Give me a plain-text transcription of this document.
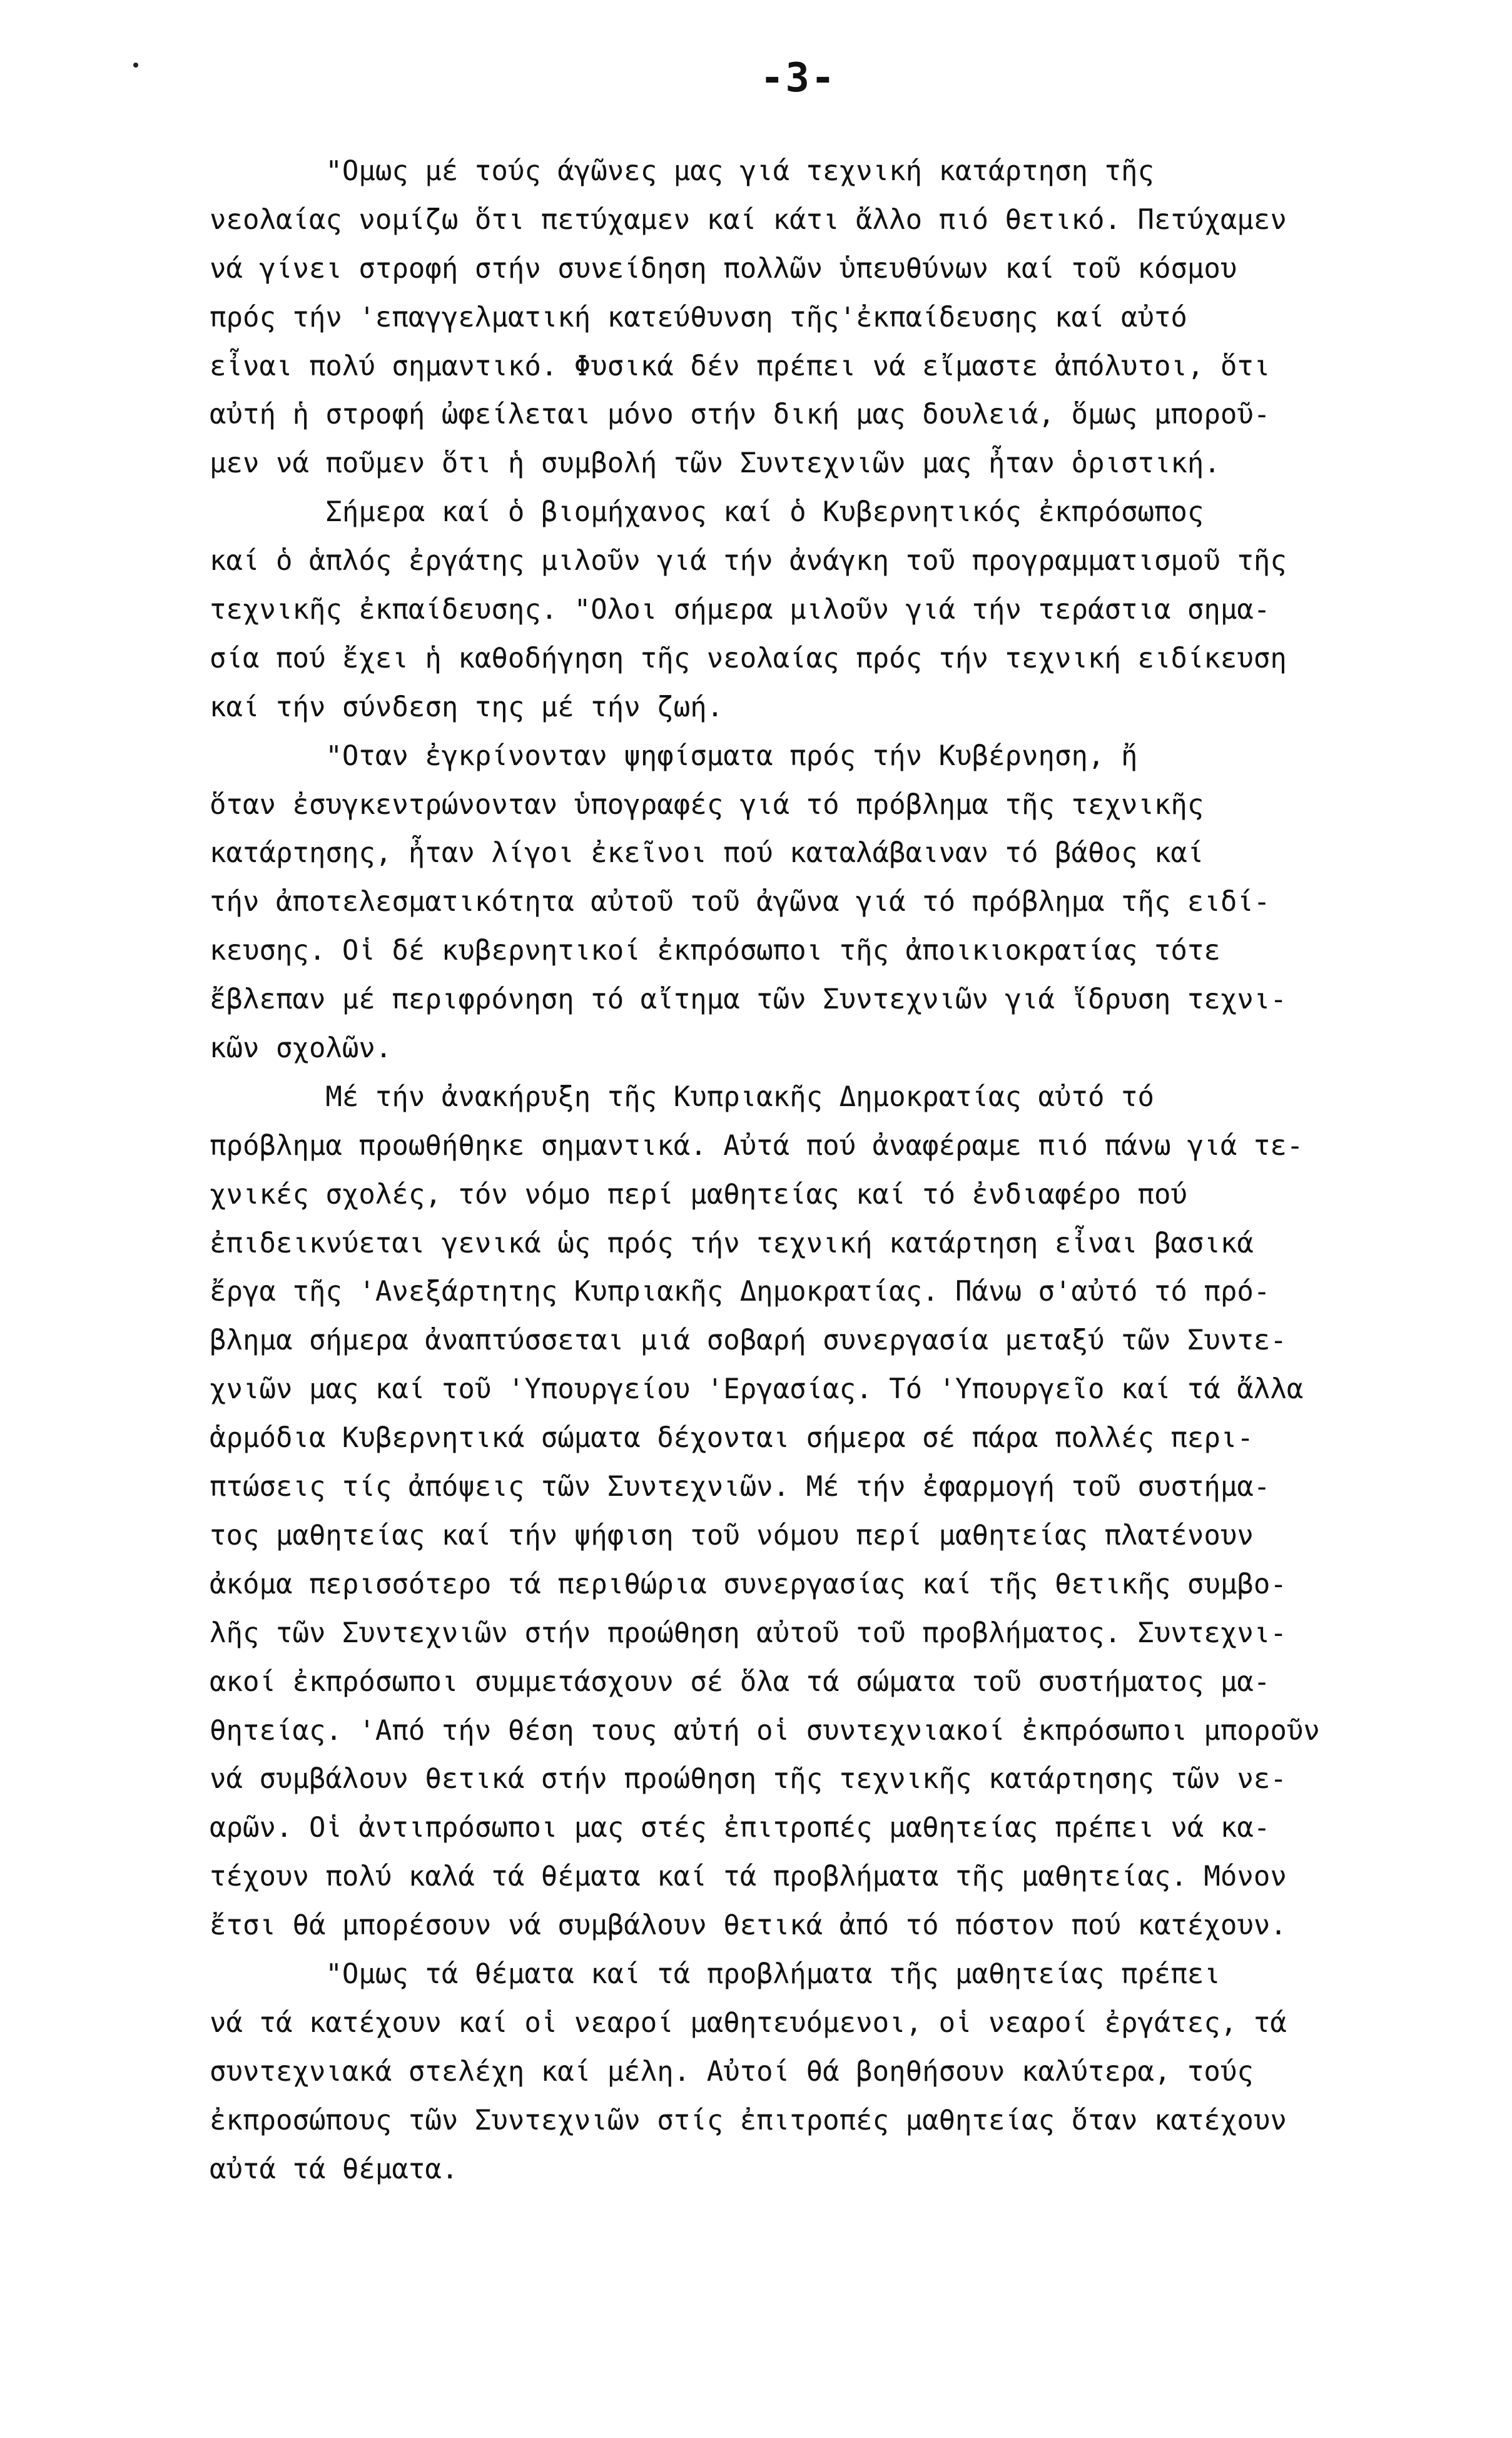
-3-
"Ομως μέ τούς άγῶνες μας γιά τεχνική κατάρτηση τῆς
νεολαίας νομίζω ὅτι πετύχαμεν καί κάτι ἄλλο πιό θετικό. Πετύχαμεν
νά γίνει στροφή στήν συνείδηση πολλῶν ὑπευθύνων καί τοῦ κόσμου
πρός τήν 'επαγγελματική κατεύθυνση τῆς'ἐκπαίδευσης καί αὐτό
εἶναι πολύ σημαντικό. Φυσικά δέν πρέπει νά εἴμαστε ἀπόλυτοι, ὅτι
αὐτή ἡ στροφή ὠφείλεται μόνο στήν δική μας δουλειά, ὅμως μποροῦ-
μεν νά ποῦμεν ὅτι ἡ συμβολή τῶν Συντεχνιῶν μας ἦταν ὁριστική.
Σήμερα καί ὁ βιομήχανος καί ὁ Κυβερνητικός ἐκπρόσωπος
καί ὁ ἁπλός ἐργάτης μιλοῦν γιά τήν ἀνάγκη τοῦ προγραμματισμοῦ τῆς
τεχνικῆς ἐκπαίδευσης. "Ολοι σήμερα μιλοῦν γιά τήν τεράστια σημα-
σία πού ἔχει ἡ καθοδήγηση τῆς νεολαίας πρός τήν τεχνική ειδίκευση
καί τήν σύνδεση της μέ τήν ζωή.
"Οταν ἐγκρίνονταν ψηφίσματα πρός τήν Κυβέρνηση, ἤ
ὅταν ἐσυγκεντρώνονταν ὑπογραφές γιά τό πρόβλημα τῆς τεχνικῆς
κατάρτησης, ἦταν λίγοι ἐκεῖνοι πού καταλάβαιναν τό βάθος καί
τήν ἀποτελεσματικότητα αὐτοῦ τοῦ ἀγῶνα γιά τό πρόβλημα τῆς ειδί-
κευσης. Οἱ δέ κυβερνητικοί ἐκπρόσωποι τῆς ἀποικιοκρατίας τότε
ἔβλεπαν μέ περιφρόνηση τό αἴτημα τῶν Συντεχνιῶν γιά ἵδρυση τεχνι-
κῶν σχολῶν.
Μέ τήν ἀνακήρυξη τῆς Κυπριακῆς Δημοκρατίας αὐτό τό
πρόβλημα προωθήθηκε σημαντικά. Αὐτά πού ἀναφέραμε πιό πάνω γιά τε-
χνικές σχολές, τόν νόμο περί μαθητείας καί τό ἐνδιαφέρο πού
ἐπιδεικνύεται γενικά ὡς πρός τήν τεχνική κατάρτηση εἶναι βασικά
ἔργα τῆς 'Ανεξάρτητης Κυπριακῆς Δημοκρατίας. Πάνω σ'αὐτό τό πρό-
βλημα σήμερα ἀναπτύσσεται μιά σοβαρή συνεργασία μεταξύ τῶν Συντε-
χνιῶν μας καί τοῦ 'Υπουργείου 'Εργασίας. Τό 'Υπουργεῖο καί τά ἄλλα
ἁρμόδια Κυβερνητικά σώματα δέχονται σήμερα σέ πάρα πολλές περι-
πτώσεις τίς ἀπόψεις τῶν Συντεχνιῶν. Μέ τήν ἐφαρμογή τοῦ συστήμα-
τος μαθητείας καί τήν ψήφιση τοῦ νόμου περί μαθητείας πλατένουν
ἀκόμα περισσότερο τά περιθώρια συνεργασίας καί τῆς θετικῆς συμβο-
λῆς τῶν Συντεχνιῶν στήν προώθηση αὐτοῦ τοῦ προβλήματος. Συντεχνι-
ακοί ἐκπρόσωποι συμμετάσχουν σέ ὅλα τά σώματα τοῦ συστήματος μα-
θητείας. 'Από τήν θέση τους αὐτή οἱ συντεχνιακοί ἐκπρόσωποι μποροῦν
νά συμβάλουν θετικά στήν προώθηση τῆς τεχνικῆς κατάρτησης τῶν νε-
αρῶν. Οἱ ἀντιπρόσωποι μας στές ἐπιτροπές μαθητείας πρέπει νά κα-
τέχουν πολύ καλά τά θέματα καί τά προβλήματα τῆς μαθητείας. Μόνον
ἔτσι θά μπορέσουν νά συμβάλουν θετικά ἀπό τό πόστον πού κατέχουν.
"Ομως τά θέματα καί τά προβλήματα τῆς μαθητείας πρέπει
νά τά κατέχουν καί οἱ νεαροί μαθητευόμενοι, οἱ νεαροί ἐργάτες, τά
συντεχνιακά στελέχη καί μέλη. Αὐτοί θά βοηθήσουν καλύτερα, τούς
ἐκπροσώπους τῶν Συντεχνιῶν στίς ἐπιτροπές μαθητείας ὅταν κατέχουν
αὐτά τά θέματα.
